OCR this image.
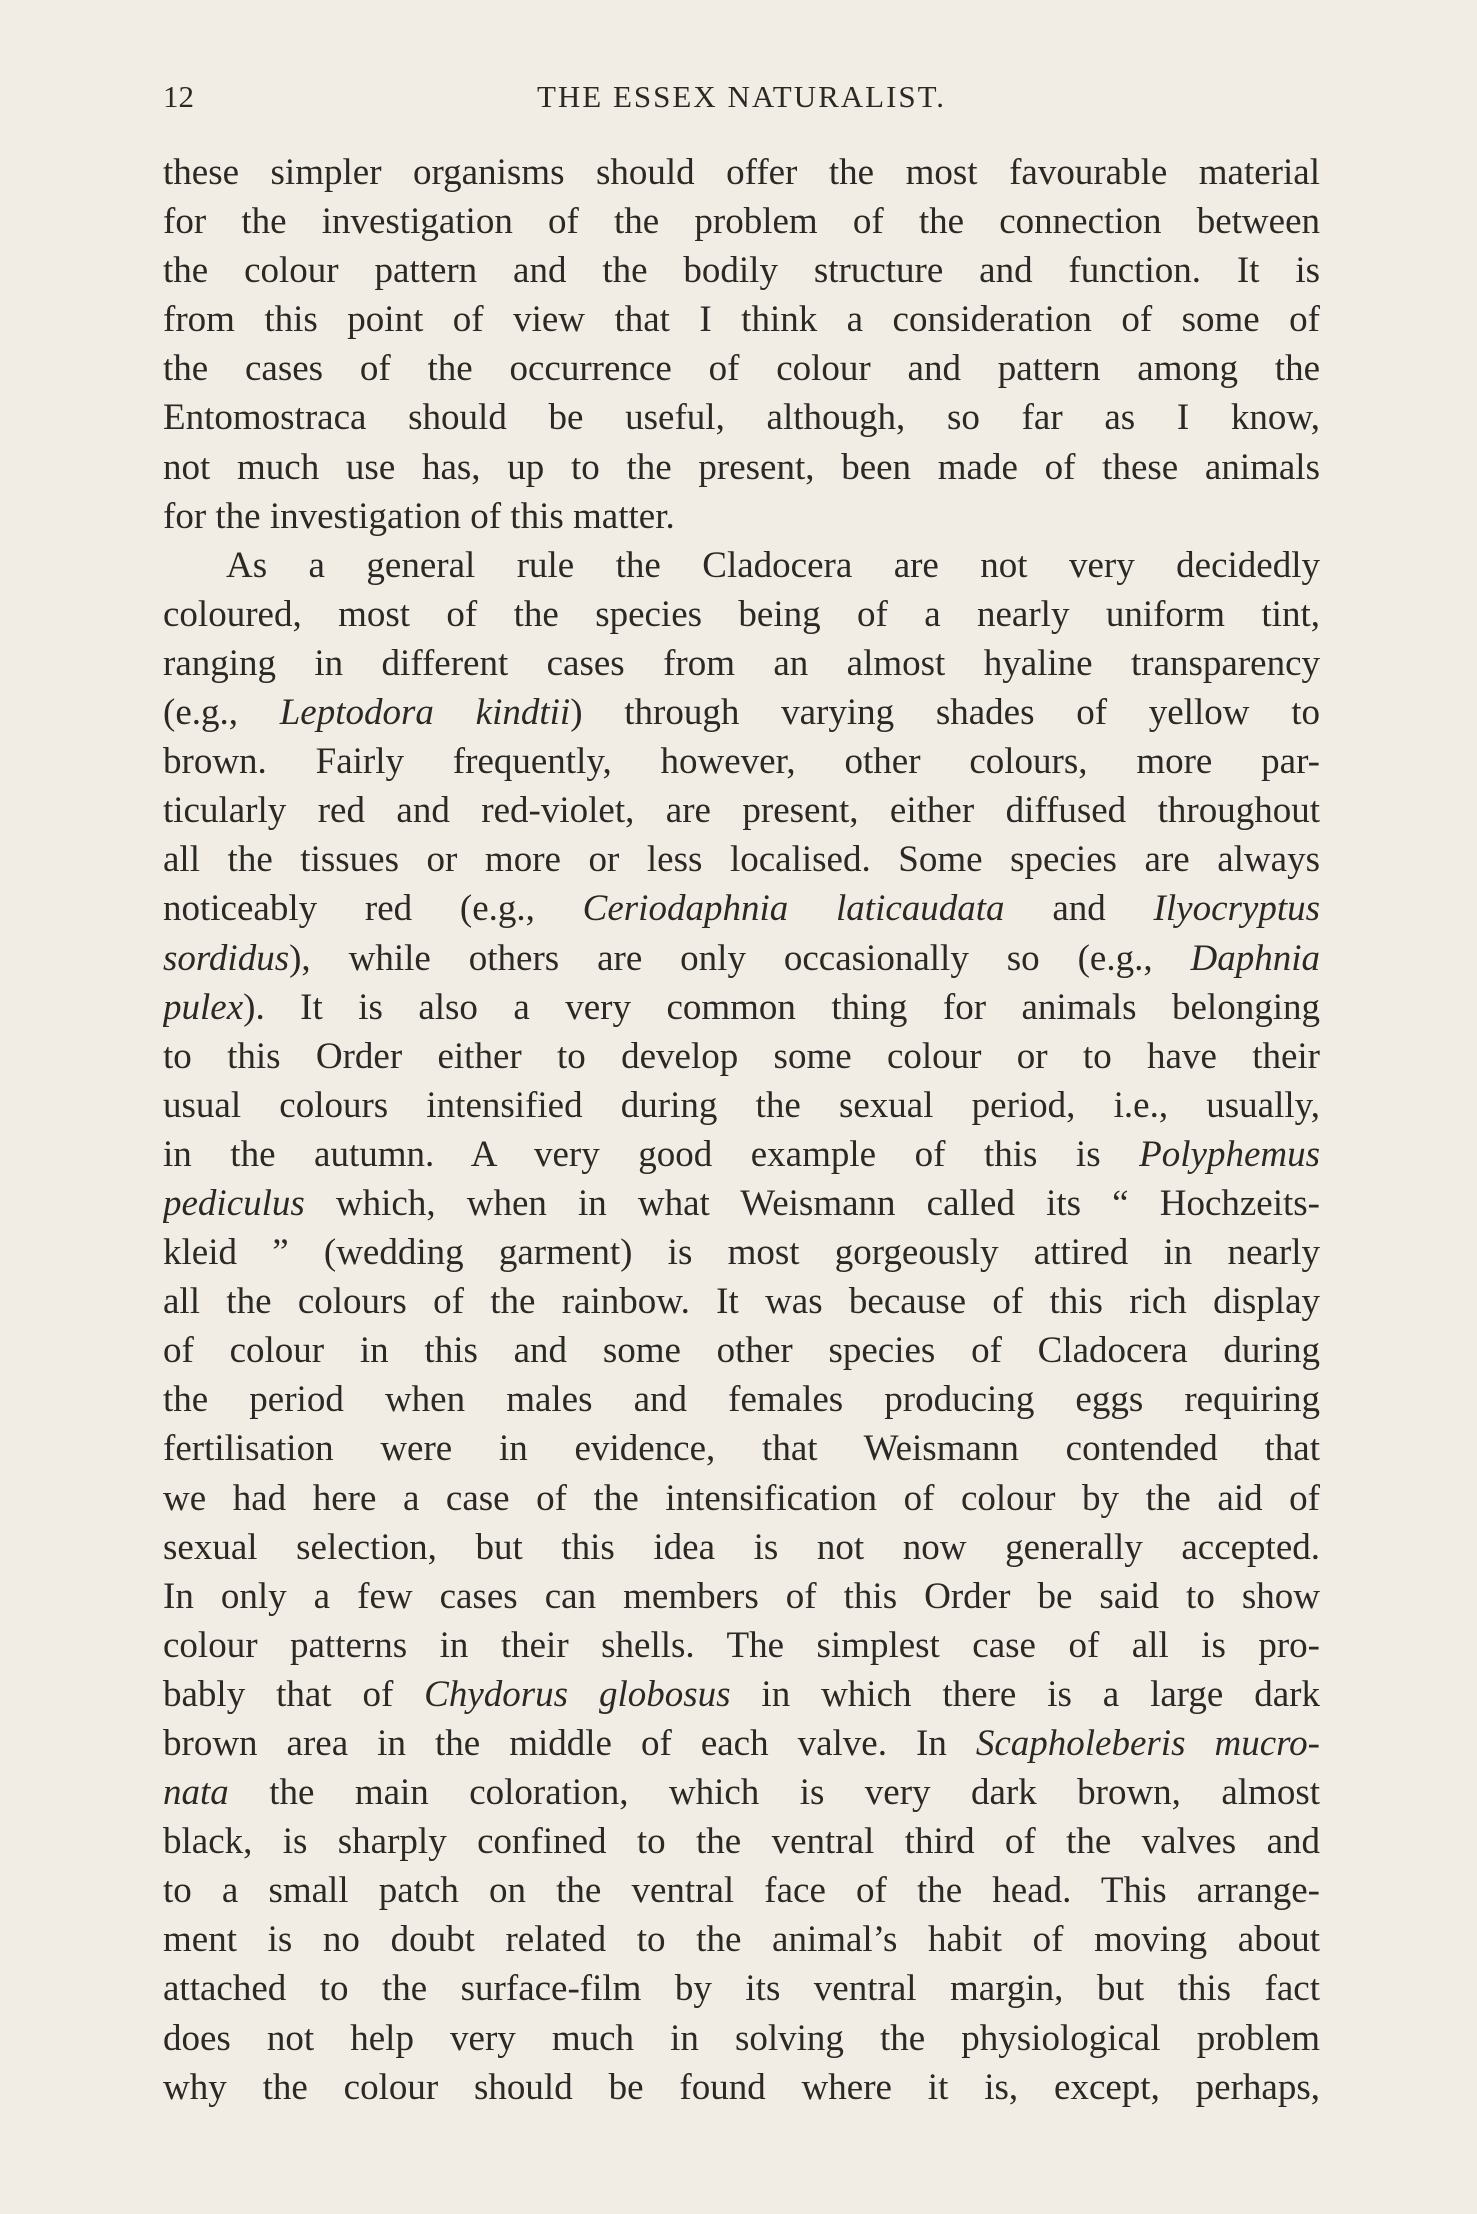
12	THE ESSEX NATURALIST.
these simpler organisms should offer the most favourable material
for the investigation of the problem of the connection between
the colour pattern and the bodily structure and function. It is
from this point of view that I think a consideration of some of
the cases of the occurrence of colour and pattern among the
Entomostraca should be useful, although, so far as I know,
not much use has, up to the present, been made of these animals
for the investigation of this matter.
As a general rule the Cladocera are not very decidedly
coloured, most of the species being of a nearly uniform tint,
ranging in different cases from an almost hyaline transparency
(e.g., Leptodora kindtii) through varying shades of yellow to
brown. Fairly frequently, however, other colours, more par-
ticularly red and red-violet, are present, either diffused throughout
all the tissues or more or less localised. Some species are always
noticeably red (e.g., Ceriodaphnia laticaudata and Ilyocryptus
sordidus), while others are only occasionally so (e.g., Daphnia
pulex). It is also a very common thing for animals belonging
to this Order either to develop some colour or to have their
usual colours intensified during the sexual period, i.e., usually,
in the autumn. A very good example of this is Polyphemus
pediculus which, when in what Weismann called its “ Hochzeits-
kleid ” (wedding garment) is most gorgeously attired in nearly
all the colours of the rainbow. It was because of this rich display
of colour in this and some other species of Cladocera during
the period when males and females producing eggs requiring
fertilisation were in evidence, that Weismann contended that
we had here a case of the intensification of colour by the aid of
sexual selection, but this idea is not now generally accepted.
In only a few cases can members of this Order be said to show
colour patterns in their shells. The simplest case of all is pro-
bably that of Chydorus globosus in which there is a large dark
brown area in the middle of each valve. In Scapholeberis mucro-
nata the main coloration, which is very dark brown, almost
black, is sharply confined to the ventral third of the valves and
to a small patch on the ventral face of the head. This arrange-
ment is no doubt related to the animal’s habit of moving about
attached to the surface-film by its ventral margin, but this fact
does not help very much in solving the physiological problem
why the colour should be found where it is, except, perhaps,
